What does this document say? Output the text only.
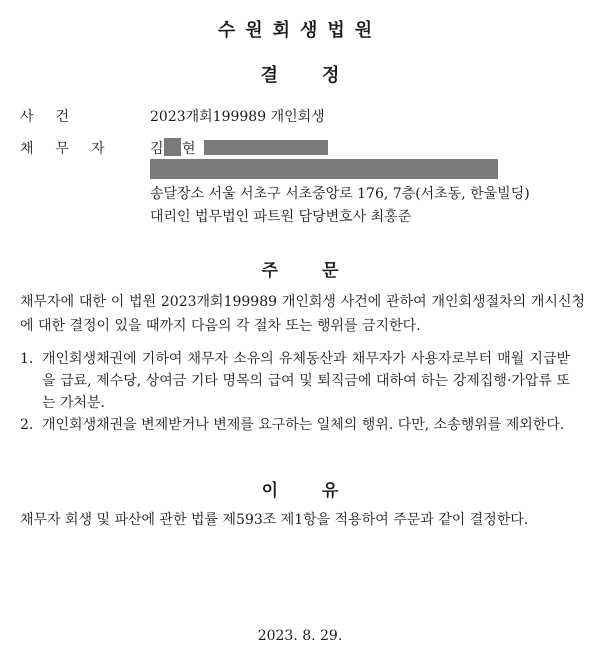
수원회생법원
결정
사건	2023개회199989 개인회생
채무자 김 현
송달장소 서울 서초구 서초중앙로 176, 7층(서초동, 한울빌딩)
대리인 법무법인 파트원 담당변호사 최홍준
주문
채무자에 대한 이 법원 2023개회199989 개인회생 사건에 관하여 개인회생절차의 개시신청에 대한 결정이 있을 때까지 다음의 각 절차 또는 행위를 금지한다.
1. 개인회생채권에 기하여 채무자 소유의 유체동산과 채무자가 사용자로부터 매월 지급받을 급료, 제수당, 상여금 기타 명목의 급여 및 퇴직금에 대하여 하는 강제집행·가압류 또는 가처분.
2. 개인회생채권을 변제받거나 변제를 요구하는 일체의 행위. 다만, 소송행위를 제외한다.
이유
채무자 회생 및 파산에 관한 법률 제593조 제1항을 적용하여 주문과 같이 결정한다.
2023. 8. 29.
